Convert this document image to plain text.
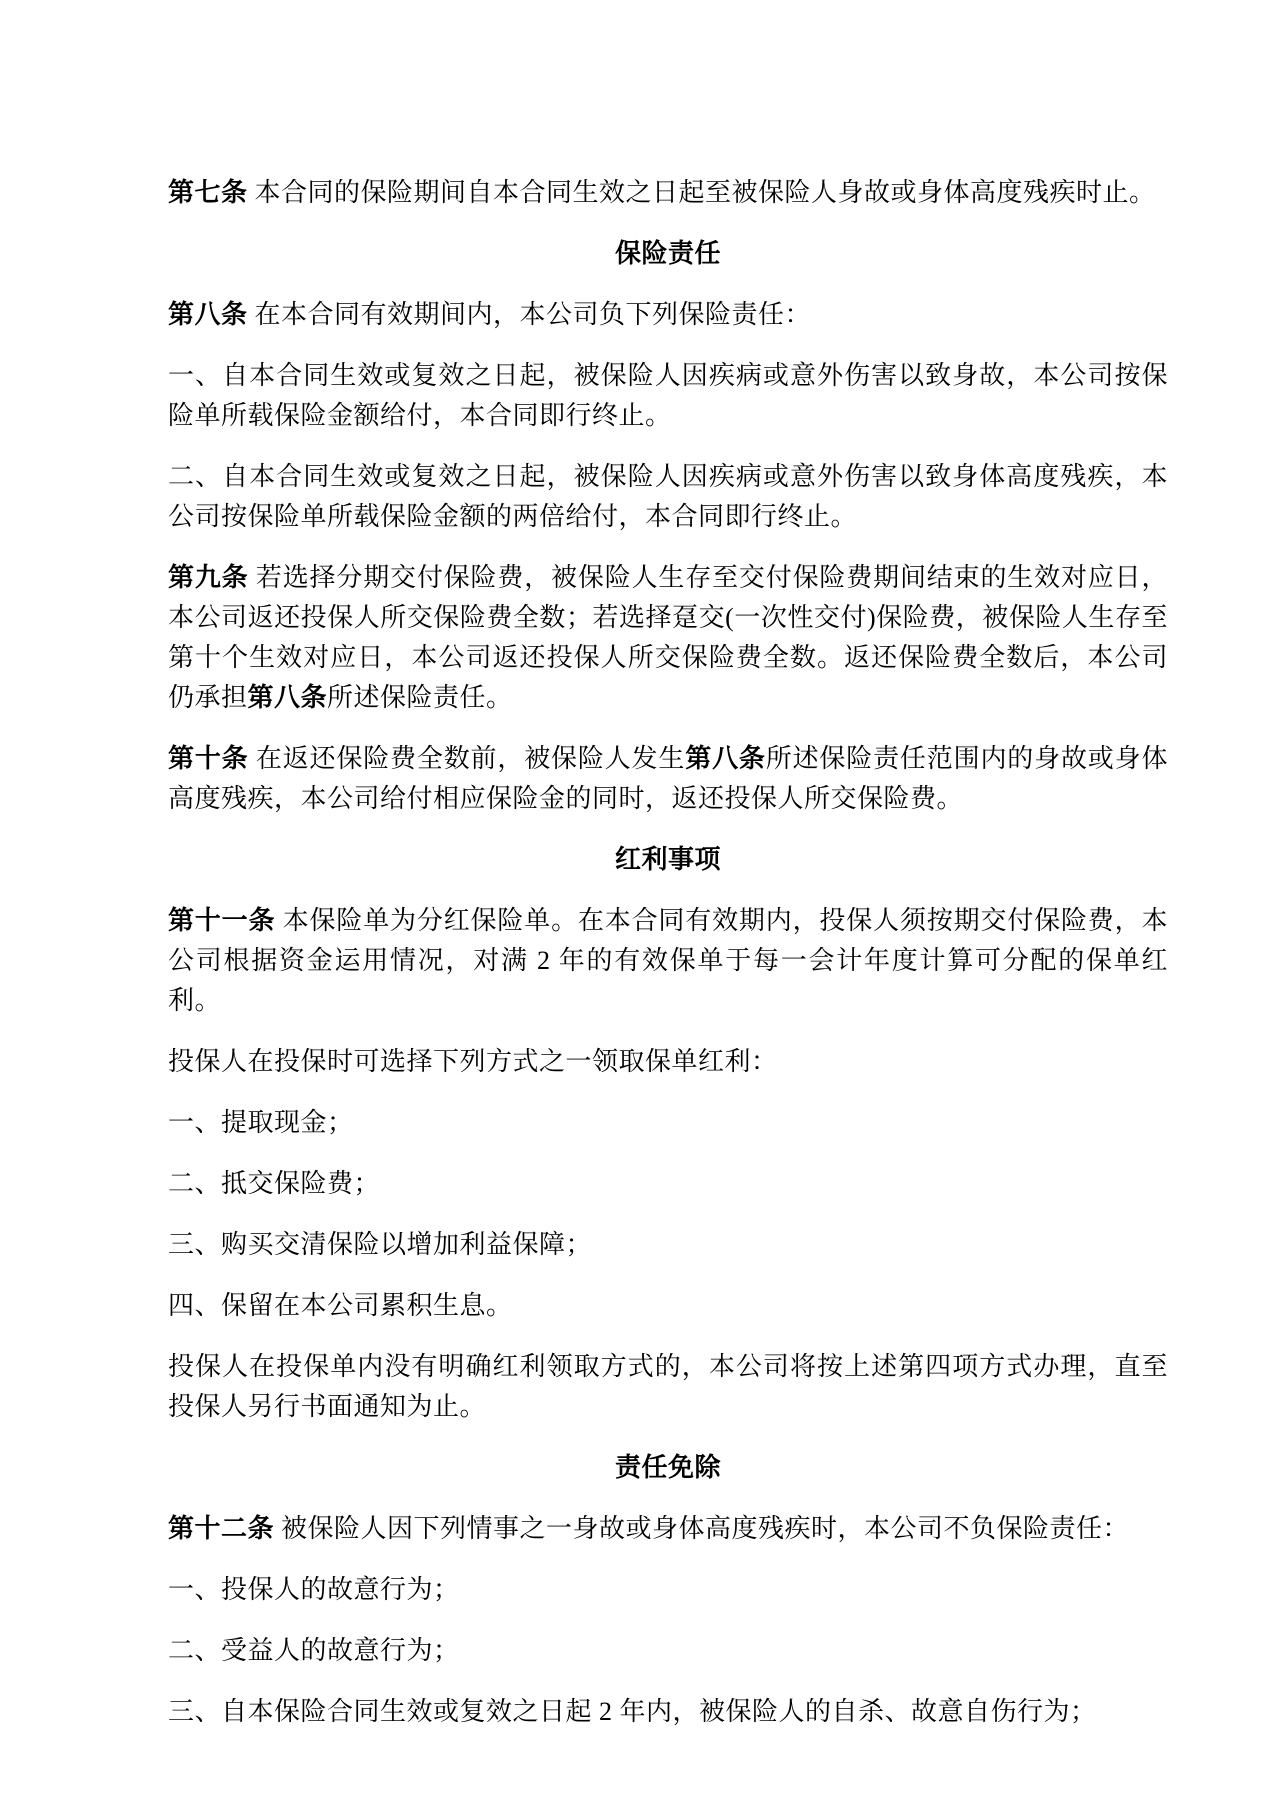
第七条 本合同的保险期间自本合同生效之日起至被保险人身故或身体高度残疾时止。

保险责任

第八条 在本合同有效期间内，本公司负下列保险责任：

一、自本合同生效或复效之日起，被保险人因疾病或意外伤害以致身故，本公司按保险单所载保险金额给付，本合同即行终止。

二、自本合同生效或复效之日起，被保险人因疾病或意外伤害以致身体高度残疾，本公司按保险单所载保险金额的两倍给付，本合同即行终止。

第九条 若选择分期交付保险费，被保险人生存至交付保险费期间结束的生效对应日，本公司返还投保人所交保险费全数；若选择趸交(一次性交付)保险费，被保险人生存至第十个生效对应日，本公司返还投保人所交保险费全数。返还保险费全数后，本公司仍承担第八条所述保险责任。

第十条 在返还保险费全数前，被保险人发生第八条所述保险责任范围内的身故或身体高度残疾，本公司给付相应保险金的同时，返还投保人所交保险费。

红利事项

第十一条 本保险单为分红保险单。在本合同有效期内，投保人须按期交付保险费，本公司根据资金运用情况，对满 2 年的有效保单于每一会计年度计算可分配的保单红利。

投保人在投保时可选择下列方式之一领取保单红利：

一、提取现金；

二、抵交保险费；

三、购买交清保险以增加利益保障；

四、保留在本公司累积生息。

投保人在投保单内没有明确红利领取方式的，本公司将按上述第四项方式办理，直至投保人另行书面通知为止。

责任免除

第十二条 被保险人因下列情事之一身故或身体高度残疾时，本公司不负保险责任：

一、投保人的故意行为；

二、受益人的故意行为；

三、自本保险合同生效或复效之日起 2 年内，被保险人的自杀、故意自伤行为；
